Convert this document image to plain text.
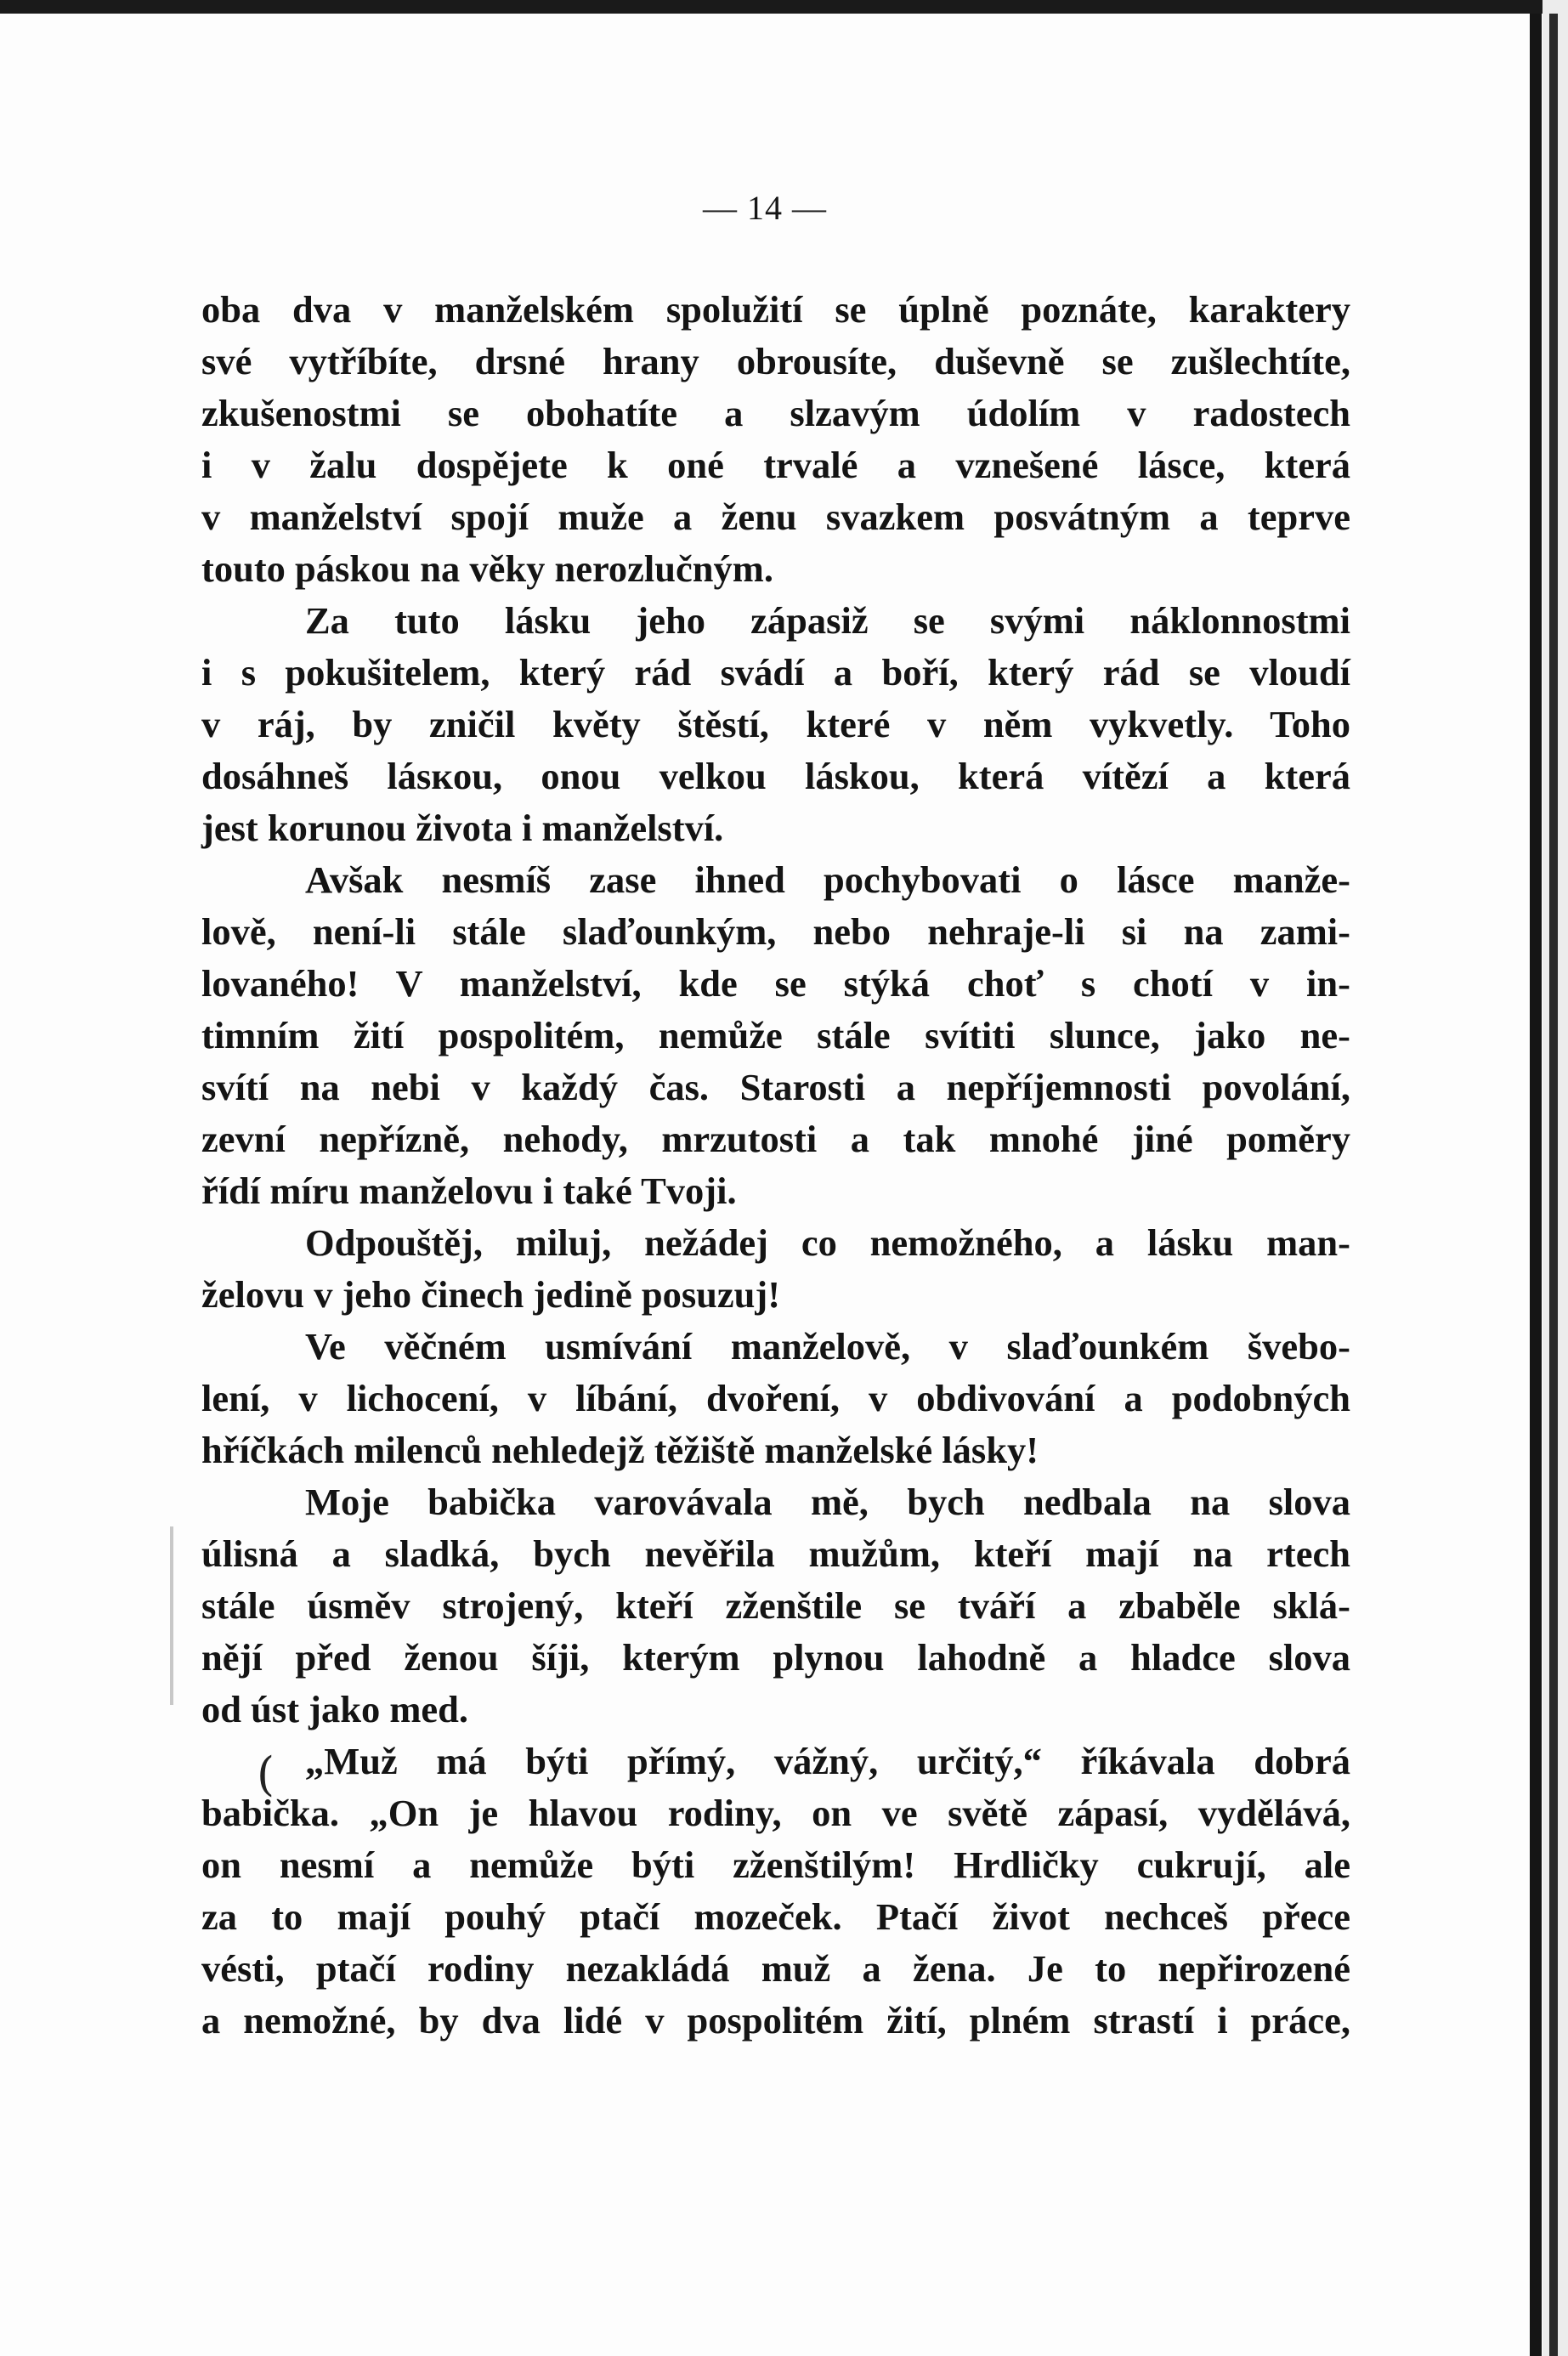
— 14 —
oba dva v manželském spolužití se úplně poznáte, karaktery
své vytříbíte, drsné hrany obrousíte, duševně se zušlechtíte,
zkušenostmi se obohatíte a slzavým údolím v radostech
i v žalu dospějete k oné trvalé a vznešené lásce, která
v manželství spojí muže a ženu svazkem posvátným a teprve
touto páskou na věky nerozlučným.
Za tuto lásku jeho zápasiž se svými náklonnostmi
i s pokušitelem, který rád svádí a boří, který rád se vloudí
v ráj, by zničil květy štěstí, které v něm vykvetly. Toho
dosáhneš lásкou, onou velkou láskou, která vítězí a která
jest korunou života i manželství.
Avšak nesmíš zase ihned pochybovati o lásce manže-
lově, není-li stále slaďounkým, nebo nehraje-li si na zami-
lovaného! V manželství, kde se stýká choť s chotí v in-
timním žití pospolitém, nemůže stále svítiti slunce, jako ne-
svítí na nebi v každý čas. Starosti a nepříjemnosti povolání,
zevní nepřízně, nehody, mrzutosti a tak mnohé jiné poměry
řídí míru manželovu i také Tvoji.
Odpouštěj, miluj, nežádej co nemožného, a lásku man-
želovu v jeho činech jedině posuzuj!
Ve věčném usmívání manželově, v slaďounkém švebo-
lení, v lichocení, v líbání, dvoření, v obdivování a podobných
hříčkách milenců nehledejž těžiště manželské lásky!
Moje babička varovávala mě, bych nedbala na slova
úlisná a sladká, bych nevěřila mužům, kteří mají na rtech
stále úsměv strojený, kteří zženštile se tváří a zbaběle sklá-
nějí před ženou šíji, kterým plynou lahodně a hladce slova
od úst jako med.
„Muž má býti přímý, vážný, určitý,“ říkávala dobrá
babička. „On je hlavou rodiny, on ve světě zápasí, vydělává,
on nesmí a nemůže býti zženštilým! Hrdličky cukrují, ale
za to mají pouhý ptačí mozeček. Ptačí život nechceš přece
vésti, ptačí rodiny nezakládá muž a žena. Je to nepřirozené
a nemožné, by dva lidé v pospolitém žití, plném strastí i práce,
(
